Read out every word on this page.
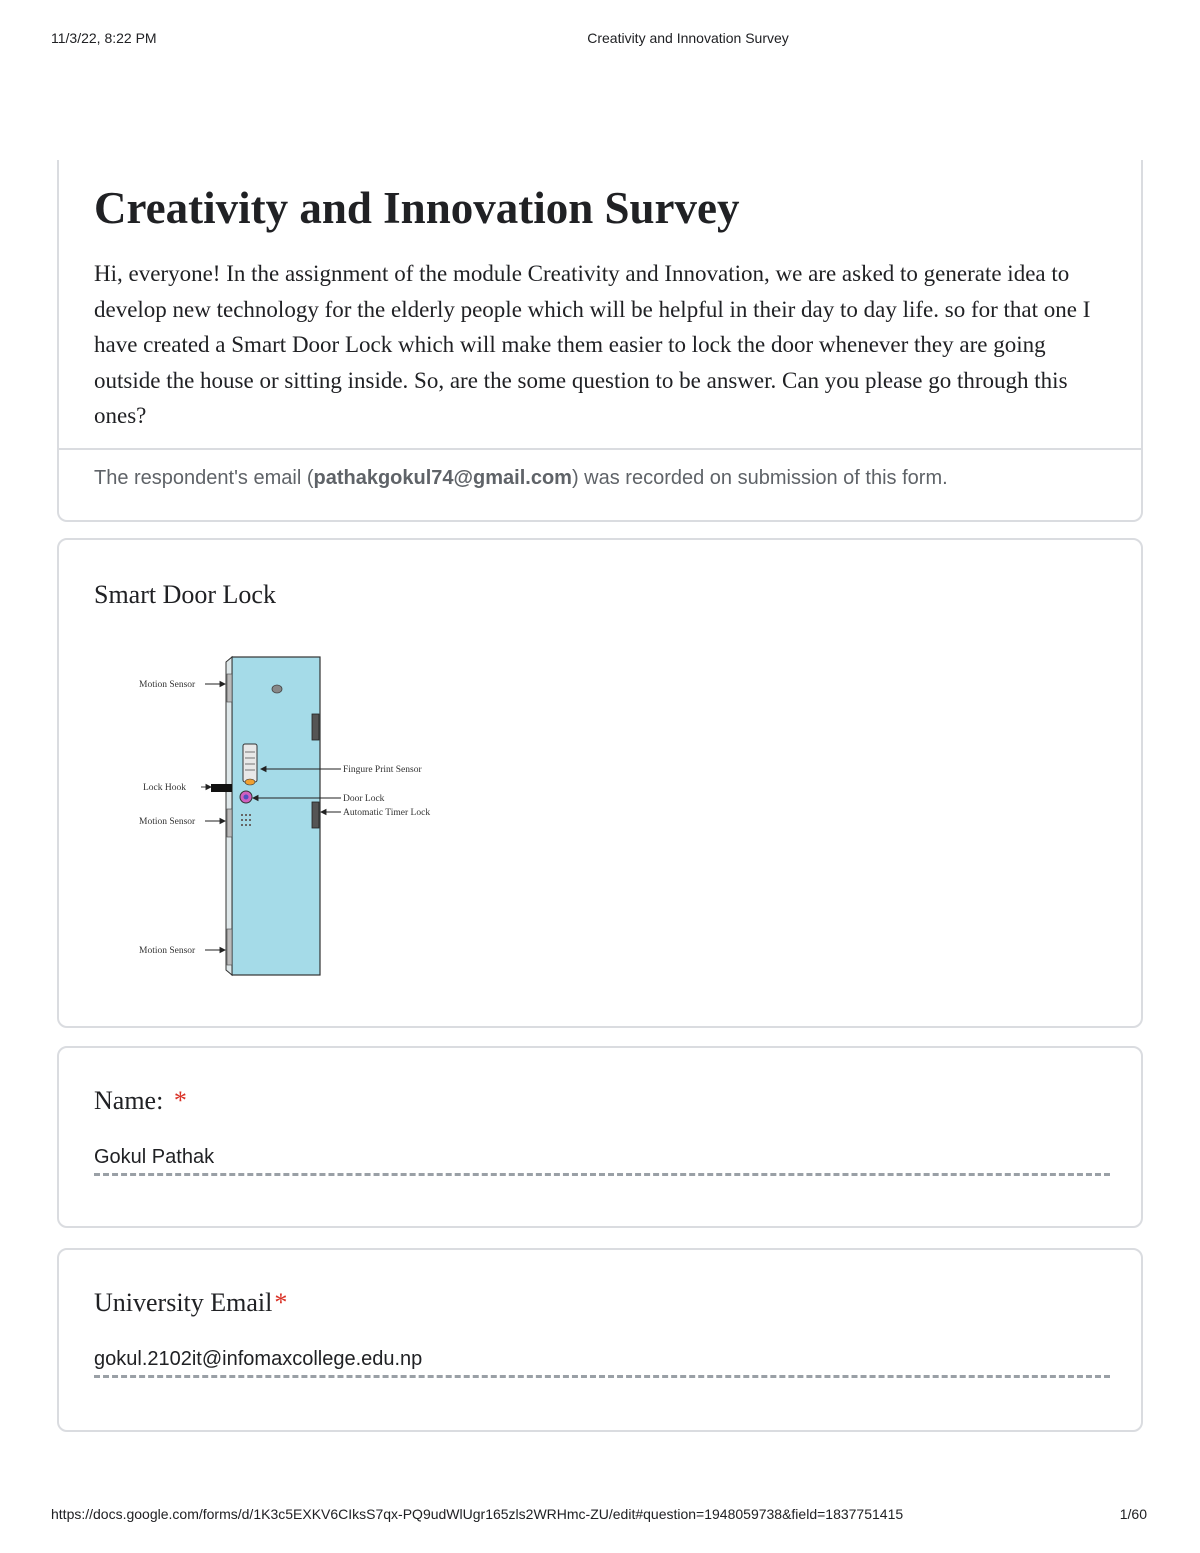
11/3/22, 8:22 PM	Creativity and Innovation Survey
Creativity and Innovation Survey

Hi, everyone! In the assignment of the module Creativity and Innovation, we are asked to generate idea to develop new technology for the elderly people which will be helpful in their day to day life. so for that one I have created a Smart Door Lock which will make them easier to lock the door whenever they are going outside the house or sitting inside. So, are the some question to be answer. Can you please go through this ones?

The respondent's email (pathakgokul74@gmail.com) was recorded on submission of this form.
Smart Door Lock
Motion Sensor
Lock Hook
Motion Sensor
Motion Sensor
Fingure Print Sensor
Door Lock
Automatic Timer Lock
Name: *
Gokul Pathak
University Email*
gokul.2102it@infomaxcollege.edu.np
https://docs.google.com/forms/d/1K3c5EXKV6CIksS7qx-PQ9udWlUgr165zls2WRHmc-ZU/edit#question=1948059738&field=1837751415	1/60
